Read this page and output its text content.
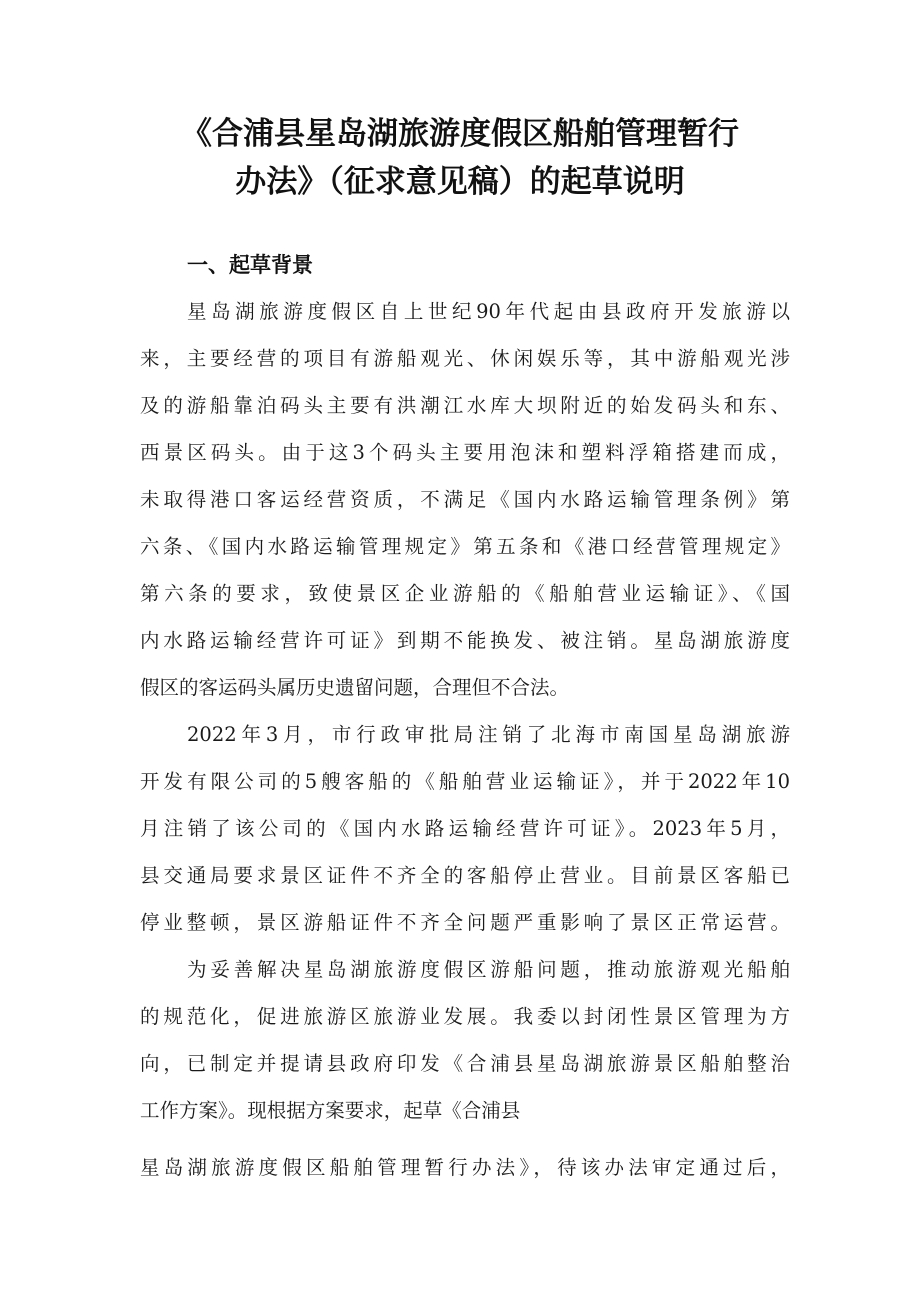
《合浦县星岛湖旅游度假区船舶管理暂行
办法》（征求意见稿）的起草说明
一、起草背景
星岛湖旅游度假区自上世纪90年代起由县政府开发旅游以
来，主要经营的项目有游船观光、休闲娱乐等，其中游船观光涉
及的游船靠泊码头主要有洪潮江水库大坝附近的始发码头和东、
西景区码头。由于这3个码头主要用泡沫和塑料浮箱搭建而成，
未取得港口客运经营资质，不满足《国内水路运输管理条例》第
六条、《国内水路运输管理规定》第五条和《港口经营管理规定》
第六条的要求，致使景区企业游船的《船舶营业运输证》、《国
内水路运输经营许可证》到期不能换发、被注销。星岛湖旅游度
假区的客运码头属历史遗留问题，合理但不合法。
2022年3月，市行政审批局注销了北海市南国星岛湖旅游
开发有限公司的5艘客船的《船舶营业运输证》，并于2022年10
月注销了该公司的《国内水路运输经营许可证》。2023年5月，
县交通局要求景区证件不齐全的客船停止营业。目前景区客船已
停业整顿，景区游船证件不齐全问题严重影响了景区正常运营。
为妥善解决星岛湖旅游度假区游船问题，推动旅游观光船舶
的规范化，促进旅游区旅游业发展。我委以封闭性景区管理为方
向，已制定并提请县政府印发《合浦县星岛湖旅游景区船舶整治
工作方案》。现根据方案要求，起草《合浦县
星岛湖旅游度假区船舶管理暂行办法》，待该办法审定通过后，
